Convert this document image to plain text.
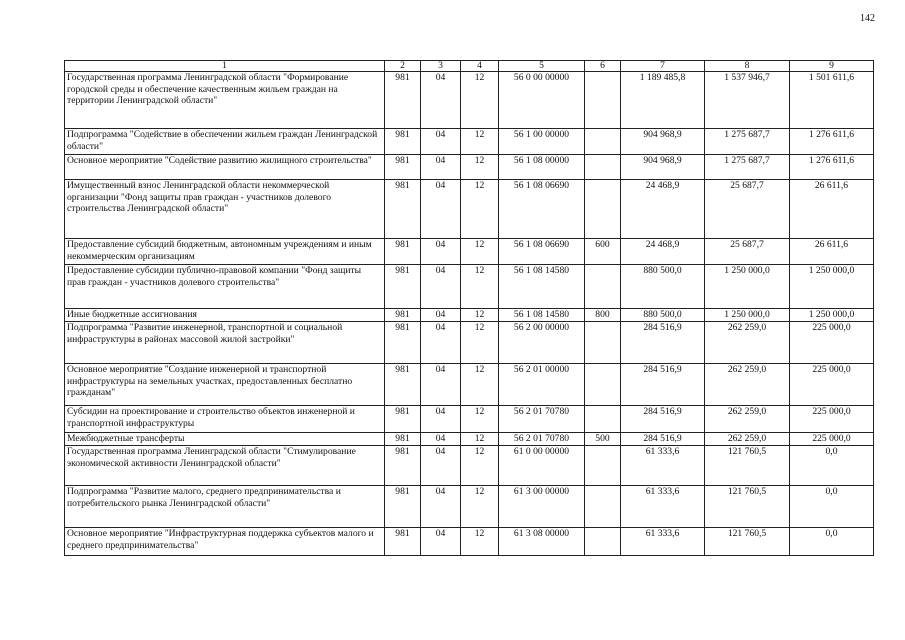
142
1	2	3	4	5	6	7	8	9
Государственная программа Ленинградской области "Формирование городской среды и обеспечение качественным жильем граждан на территории Ленинградской области"	981	04	12	56 0 00 00000		1 189 485,8	1 537 946,7	1 501 611,6
Подпрограмма "Содействие в обеспечении жильем граждан Ленинградской области"	981	04	12	56 1 00 00000		904 968,9	1 275 687,7	1 276 611,6
Основное мероприятие "Содействие развитию жилищного строительства"	981	04	12	56 1 08 00000		904 968,9	1 275 687,7	1 276 611,6
Имущественный взнос Ленинградской области некоммерческой организации "Фонд защиты прав граждан - участников долевого строительства Ленинградской области"	981	04	12	56 1 08 06690		24 468,9	25 687,7	26 611,6
Предоставление субсидий бюджетным, автономным учреждениям и иным некоммерческим организациям	981	04	12	56 1 08 06690	600	24 468,9	25 687,7	26 611,6
Предоставление субсидии публично-правовой компании "Фонд защиты прав граждан - участников долевого строительства"	981	04	12	56 1 08 14580		880 500,0	1 250 000,0	1 250 000,0
Иные бюджетные ассигнования	981	04	12	56 1 08 14580	800	880 500,0	1 250 000,0	1 250 000,0
Подпрограмма "Развитие инженерной, транспортной и социальной инфраструктуры в районах массовой жилой застройки"	981	04	12	56 2 00 00000		284 516,9	262 259,0	225 000,0
Основное мероприятие "Создание инженерной и транспортной инфраструктуры на земельных участках, предоставленных бесплатно гражданам"	981	04	12	56 2 01 00000		284 516,9	262 259,0	225 000,0
Субсидии на проектирование и строительство объектов инженерной и транспортной инфраструктуры	981	04	12	56 2 01 70780		284 516,9	262 259,0	225 000,0
Межбюджетные трансферты	981	04	12	56 2 01 70780	500	284 516,9	262 259,0	225 000,0
Государственная программа Ленинградской области "Стимулирование экономической активности Ленинградской области"	981	04	12	61 0 00 00000		61 333,6	121 760,5	0,0
Подпрограмма "Развитие малого, среднего предпринимательства и потребительского рынка Ленинградской области"	981	04	12	61 3 00 00000		61 333,6	121 760,5	0,0
Основное мероприятие "Инфраструктурная поддержка субъектов малого и среднего предпринимательства"	981	04	12	61 3 08 00000		61 333,6	121 760,5	0,0
